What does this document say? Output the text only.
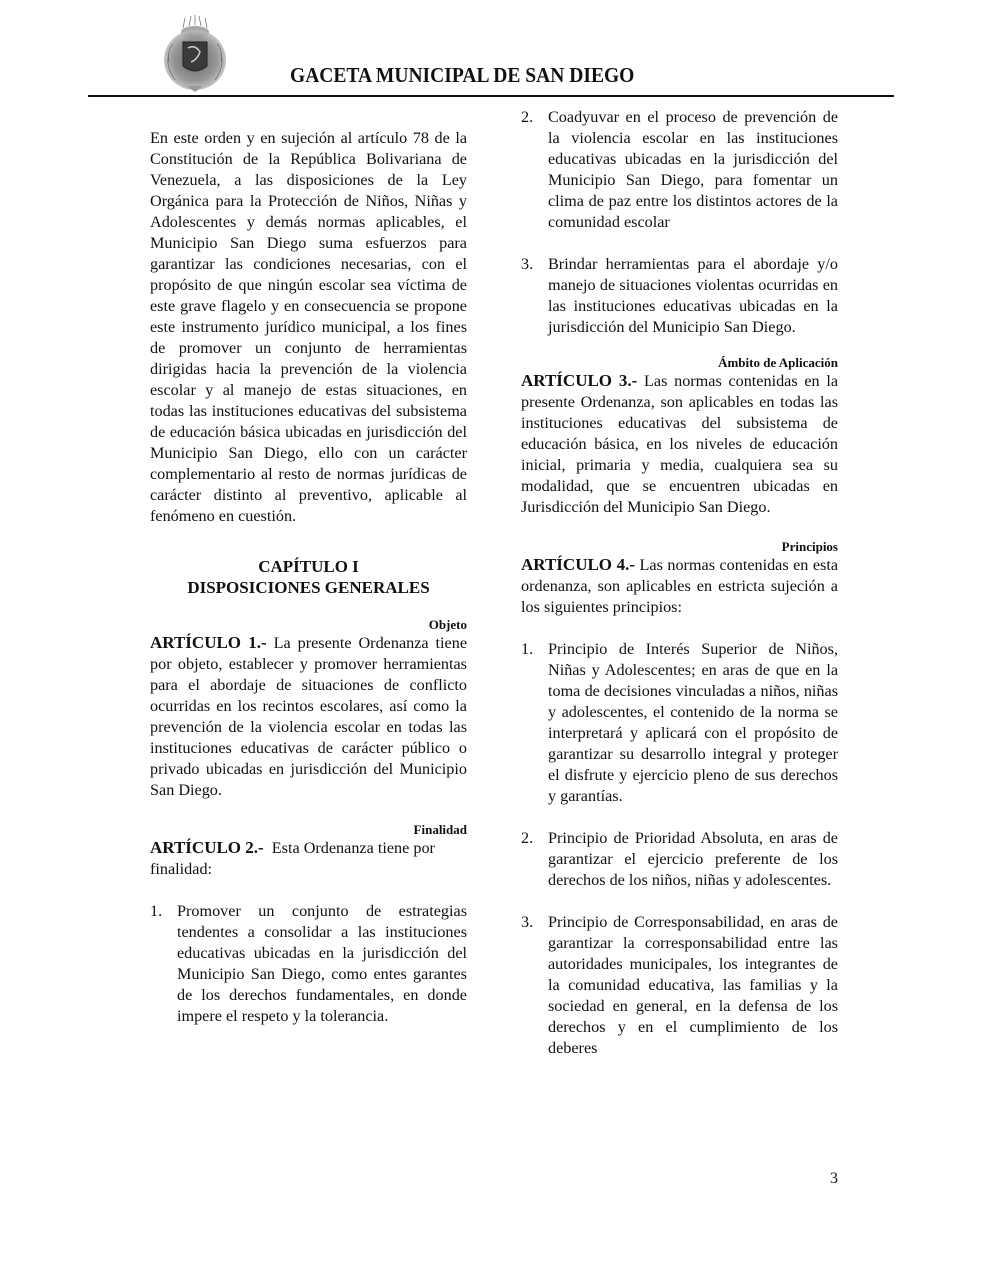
GACETA MUNICIPAL DE SAN DIEGO

En este orden y en sujeción al artículo 78 de la Constitución de la República Bolivariana de Venezuela, a las disposiciones de la Ley Orgánica para la Protección de Niños, Niñas y Adolescentes y demás normas aplicables, el Municipio San Diego suma esfuerzos para garantizar las condiciones necesarias, con el propósito de que ningún escolar sea víctima de este grave flagelo y en consecuencia se propone este instrumento jurídico municipal, a los fines de promover un conjunto de herramientas dirigidas hacia la prevención de la violencia escolar y al manejo de estas situaciones, en todas las instituciones educativas del subsistema de educación básica ubicadas en jurisdicción del Municipio San Diego, ello con un carácter complementario al resto de normas jurídicas de carácter distinto al preventivo, aplicable al fenómeno en cuestión.

CAPÍTULO I
DISPOSICIONES GENERALES
Objeto

ARTÍCULO 1.- La presente Ordenanza tiene por objeto, establecer y promover herramientas para el abordaje de situaciones de conflicto ocurridas en los recintos escolares, así como la prevención de la violencia escolar en todas las instituciones educativas de carácter público o privado ubicadas en jurisdicción del Municipio San Diego.

Finalidad

ARTÍCULO 2.-  Esta Ordenanza tiene por finalidad:

1. Promover un conjunto de estrategias tendentes a consolidar a las instituciones educativas ubicadas en la jurisdicción del Municipio San Diego, como entes garantes de los derechos fundamentales, en donde impere el respeto y la tolerancia.
2. Coadyuvar en el proceso de prevención de la violencia escolar en las instituciones educativas ubicadas en la jurisdicción del Municipio San Diego, para fomentar un clima de paz entre los distintos actores de la comunidad escolar
3. Brindar herramientas para el abordaje y/o manejo de situaciones violentas ocurridas en las instituciones educativas ubicadas en la jurisdicción del Municipio San Diego.
Ámbito de Aplicación

ARTÍCULO 3.- Las normas contenidas en la presente Ordenanza, son aplicables en todas las instituciones educativas del subsistema de educación básica, en los niveles de educación inicial, primaria y media, cualquiera sea su modalidad, que se encuentren ubicadas en Jurisdicción del Municipio San Diego.

Principios

ARTÍCULO 4.- Las normas contenidas en esta ordenanza, son aplicables en estricta sujeción a los siguientes principios:

1. Principio de Interés Superior de Niños, Niñas y Adolescentes; en aras de que en la toma de decisiones vinculadas a niños, niñas y adolescentes, el contenido de la norma se interpretará y aplicará con el propósito de garantizar su desarrollo integral y proteger el disfrute y ejercicio pleno de sus derechos y garantías.
2. Principio de Prioridad Absoluta, en aras de garantizar el ejercicio preferente de los derechos de los niños, niñas y adolescentes.
3. Principio de Corresponsabilidad, en aras de garantizar la corresponsabilidad entre las autoridades municipales, los integrantes de la comunidad educativa, las familias y la sociedad en general, en la defensa de los derechos y en el cumplimiento de los deberes
3
